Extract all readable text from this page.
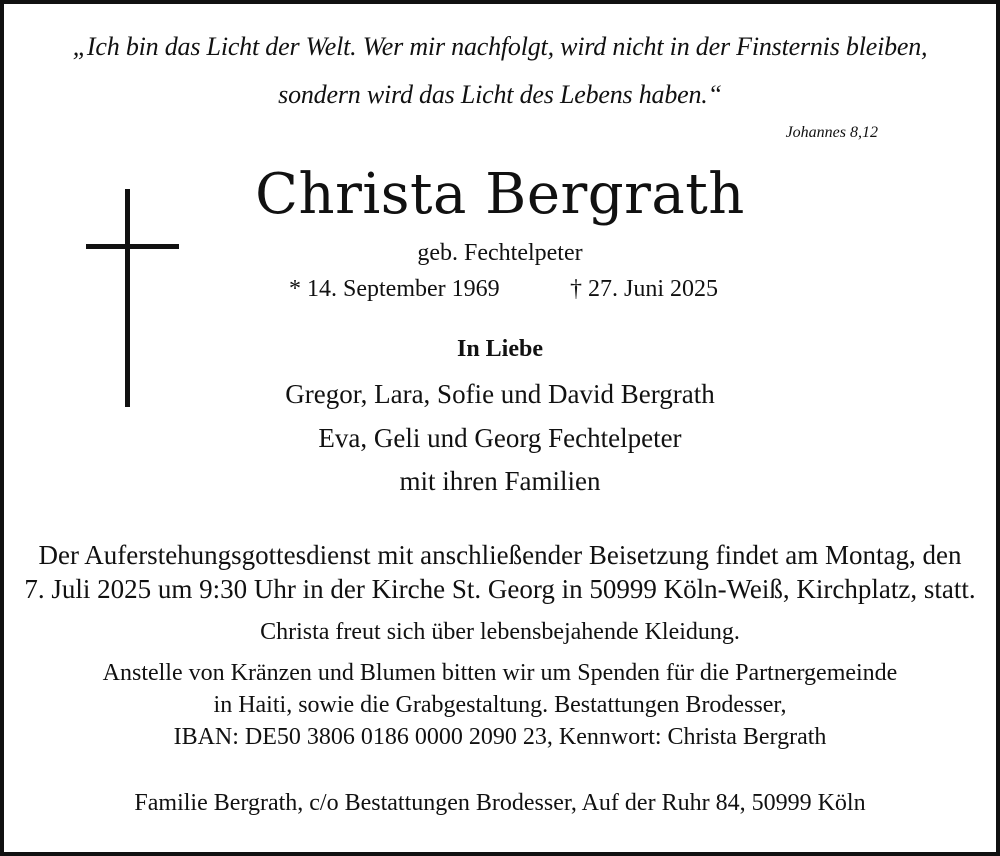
„Ich bin das Licht der Welt. Wer mir nachfolgt, wird nicht in der Finsternis bleiben,
sondern wird das Licht des Lebens haben.“
Johannes 8,12
Christa Bergrath
geb. Fechtelpeter
* 14. September 1969	† 27. Juni 2025
In Liebe
Gregor, Lara, Sofie und David Bergrath
Eva, Geli und Georg Fechtelpeter
mit ihren Familien
Der Auferstehungsgottesdienst mit anschließender Beisetzung findet am Montag, den
7. Juli 2025 um 9:30 Uhr in der Kirche St. Georg in 50999 Köln-Weiß, Kirchplatz, statt.
Christa freut sich über lebensbejahende Kleidung.
Anstelle von Kränzen und Blumen bitten wir um Spenden für die Partnergemeinde
in Haiti, sowie die Grabgestaltung. Bestattungen Brodesser,
IBAN: DE50 3806 0186 0000 2090 23, Kennwort: Christa Bergrath
Familie Bergrath, c/o Bestattungen Brodesser, Auf der Ruhr 84, 50999 Köln
